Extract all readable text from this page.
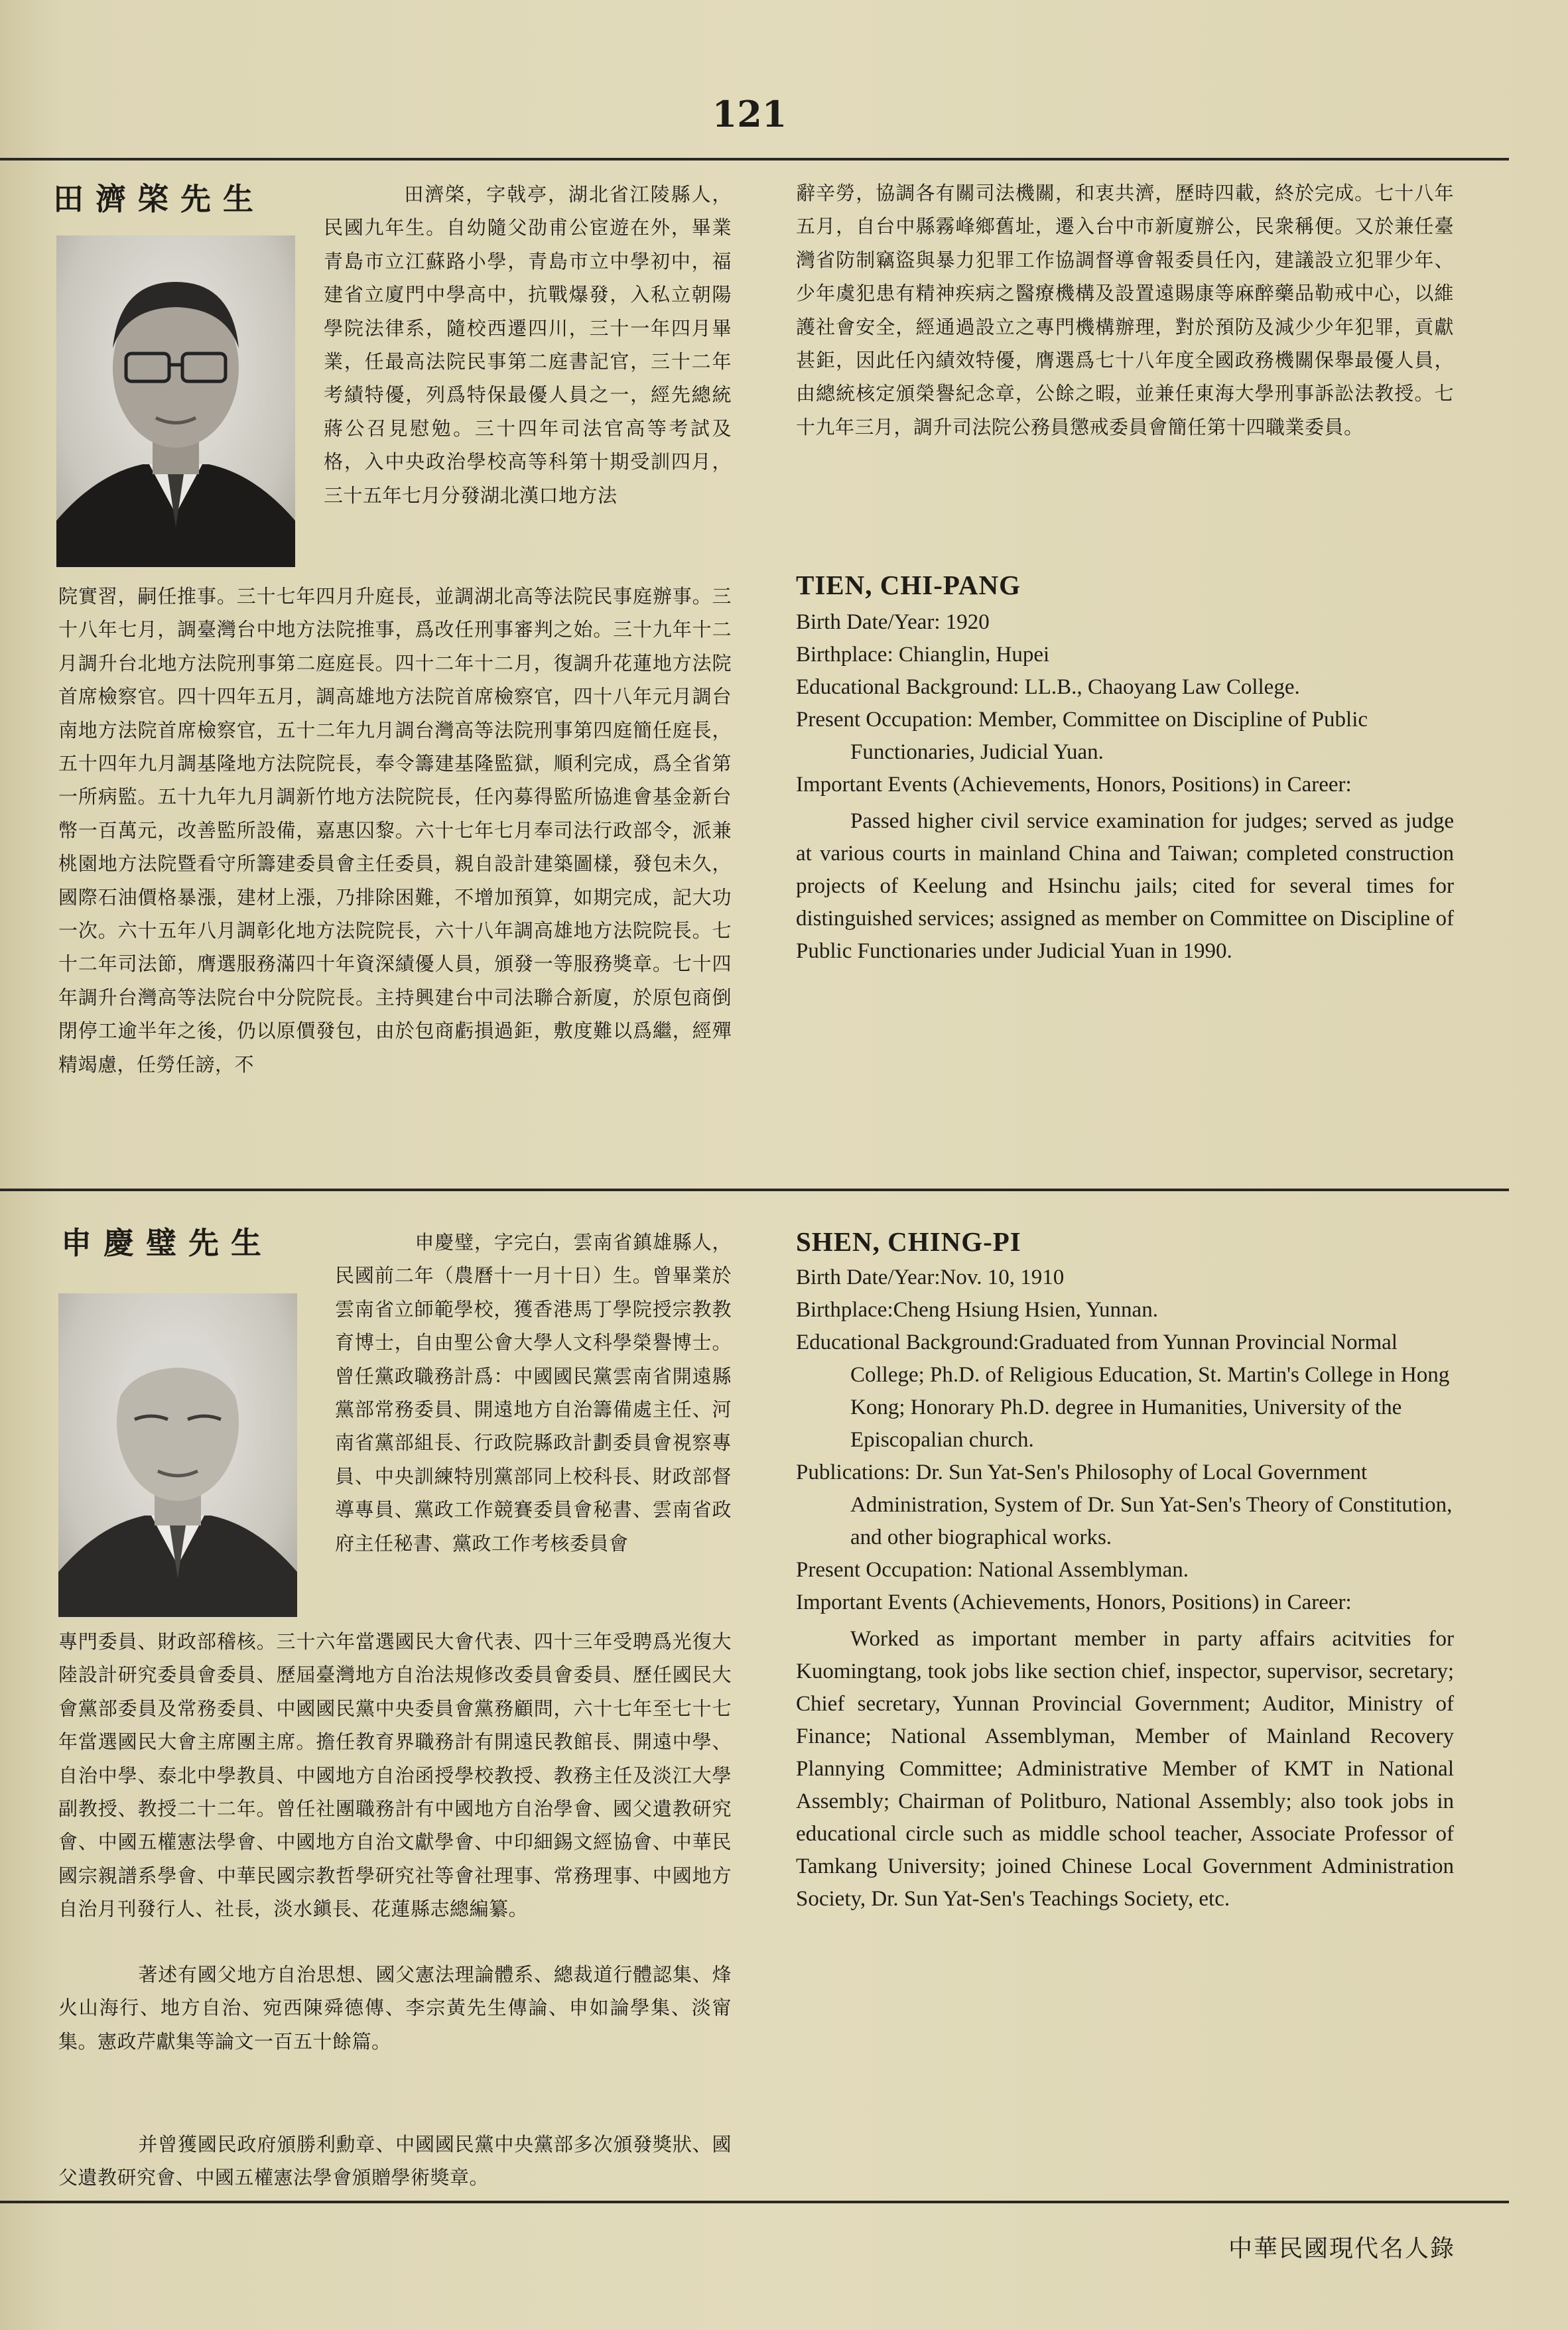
121
田濟棨先生	田濟棨，字戟亭，湖北省江陵縣人，民國九年生。自幼隨父劭甫公宦遊在外，畢業青島市立江蘇路小學，青島市立中學初中，福建省立廈門中學高中，抗戰爆發，入私立朝陽學院法律系，隨校西遷四川，三十一年四月畢業，任最高法院民事第二庭書記官，三十二年考績特優，列爲特保最優人員之一，經先總統蔣公召見慰勉。三十四年司法官高等考試及格，入中央政治學校高等科第十期受訓四月，三十五年七月分發湖北漢口地方法

院實習，嗣任推事。三十七年四月升庭長，並調湖北高等法院民事庭辦事。三十八年七月，調臺灣台中地方法院推事，爲改任刑事審判之始。三十九年十二月調升台北地方法院刑事第二庭庭長。四十二年十二月，復調升花蓮地方法院首席檢察官。四十四年五月，調高雄地方法院首席檢察官，四十八年元月調台南地方法院首席檢察官，五十二年九月調台灣高等法院刑事第四庭簡任庭長，五十四年九月調基隆地方法院院長，奉令籌建基隆監獄，順利完成，爲全省第一所病監。五十九年九月調新竹地方法院院長，任內募得監所協進會基金新台幣一百萬元，改善監所設備，嘉惠囚黎。六十七年七月奉司法行政部令，派兼桃園地方法院暨看守所籌建委員會主任委員，親自設計建築圖樣，發包未久，國際石油價格暴漲，建材上漲，乃排除困難，不增加預算，如期完成，記大功一次。六十五年八月調彰化地方法院院長，六十八年調高雄地方法院院長。七十二年司法節，膺選服務滿四十年資深績優人員，頒發一等服務獎章。七十四年調升台灣高等法院台中分院院長。主持興建台中司法聯合新廈，於原包商倒閉停工逾半年之後，仍以原價發包，由於包商虧損過鉅，敷度難以爲繼，經殫精竭慮，任勞任謗，不

辭辛勞，協調各有關司法機關，和衷共濟，歷時四載，終於完成。七十八年五月，自台中縣霧峰鄉舊址，遷入台中市新廈辦公，民衆稱便。又於兼任臺灣省防制竊盜與暴力犯罪工作協調督導會報委員任內，建議設立犯罪少年、少年虞犯患有精神疾病之醫療機構及設置遠賜康等麻醉藥品勒戒中心，以維護社會安全，經通過設立之專門機構辦理，對於預防及減少少年犯罪，貢獻甚鉅，因此任內績效特優，膺選爲七十八年度全國政務機關保舉最優人員，由總統核定頒榮譽紀念章，公餘之暇，並兼任東海大學刑事訴訟法教授。七十九年三月，調升司法院公務員懲戒委員會簡任第十四職業委員。

TIEN, CHI-PANG

Birth Date/Year: 1920

Birthplace: Chianglin, Hupei

Educational Background: LL.B., Chaoyang Law College.

Present Occupation: Member, Committee on Discipline of Public Functionaries, Judicial Yuan.

Important Events (Achievements, Honors, Positions) in Career:

Passed higher civil service examination for judges; served as judge at various courts in mainland China and Taiwan; completed construction projects of Keelung and Hsinchu jails; cited for several times for distinguished services; assigned as member on Committee on Discipline of Public Functionaries under Judicial Yuan in 1990.

申慶璧先生	申慶璧，字完白，雲南省鎮雄縣人，民國前二年（農曆十一月十日）生。曾畢業於雲南省立師範學校，獲香港馬丁學院授宗教教育博士，自由聖公會大學人文科學榮譽博士。曾任黨政職務計爲：中國國民黨雲南省開遠縣黨部常務委員、開遠地方自治籌備處主任、河南省黨部組長、行政院縣政計劃委員會視察專員、中央訓練特別黨部同上校科長、財政部督導專員、黨政工作競賽委員會秘書、雲南省政府主任秘書、黨政工作考核委員會

專門委員、財政部稽核。三十六年當選國民大會代表、四十三年受聘爲光復大陸設計研究委員會委員、歷屆臺灣地方自治法規修改委員會委員、歷任國民大會黨部委員及常務委員、中國國民黨中央委員會黨務顧問，六十七年至七十七年當選國民大會主席團主席。擔任教育界職務計有開遠民教館長、開遠中學、自治中學、泰北中學教員、中國地方自治函授學校教授、教務主任及淡江大學副教授、教授二十二年。曾任社團職務計有中國地方自治學會、國父遺教研究會、中國五權憲法學會、中國地方自治文獻學會、中印細錫文經協會、中華民國宗親譜系學會、中華民國宗教哲學研究社等會社理事、常務理事、中國地方自治月刊發行人、社長，淡水鎭長、花蓮縣志總編纂。

著述有國父地方自治思想、國父憲法理論體系、總裁道行體認集、烽火山海行、地方自治、宛西陳舜德傳、李宗黃先生傳論、申如論學集、淡甯集。憲政芹獻集等論文一百五十餘篇。

并曾獲國民政府頒勝利勳章、中國國民黨中央黨部多次頒發獎狀、國父遺教研究會、中國五權憲法學會頒贈學術獎章。

SHEN, CHING-PI

Birth Date/Year:Nov. 10, 1910

Birthplace:Cheng Hsiung Hsien, Yunnan.

Educational Background:Graduated from Yunnan Provincial Normal College; Ph.D. of Religious Education, St. Martin's College in Hong Kong; Honorary Ph.D. degree in Humanities, University of the Episcopalian church.

Publications: Dr. Sun Yat-Sen's Philosophy of Local Government Administration, System of Dr. Sun Yat-Sen's Theory of Constitution, and other biographical works.

Present Occupation: National Assemblyman.

Important Events (Achievements, Honors, Positions) in Career:

Worked as important member in party affairs acitvities for Kuomingtang, took jobs like section chief, inspector, supervisor, secretary; Chief secretary, Yunnan Provincial Government; Auditor, Ministry of Finance; National Assemblyman, Member of Mainland Recovery Plannying Committee; Administrative Member of KMT in National Assembly; Chairman of Politburo, National Assembly; also took jobs in educational circle such as middle school teacher, Associate Professor of Tamkang University; joined Chinese Local Government Administration Society, Dr. Sun Yat-Sen's Teachings Society, etc.

中華民國現代名人錄
